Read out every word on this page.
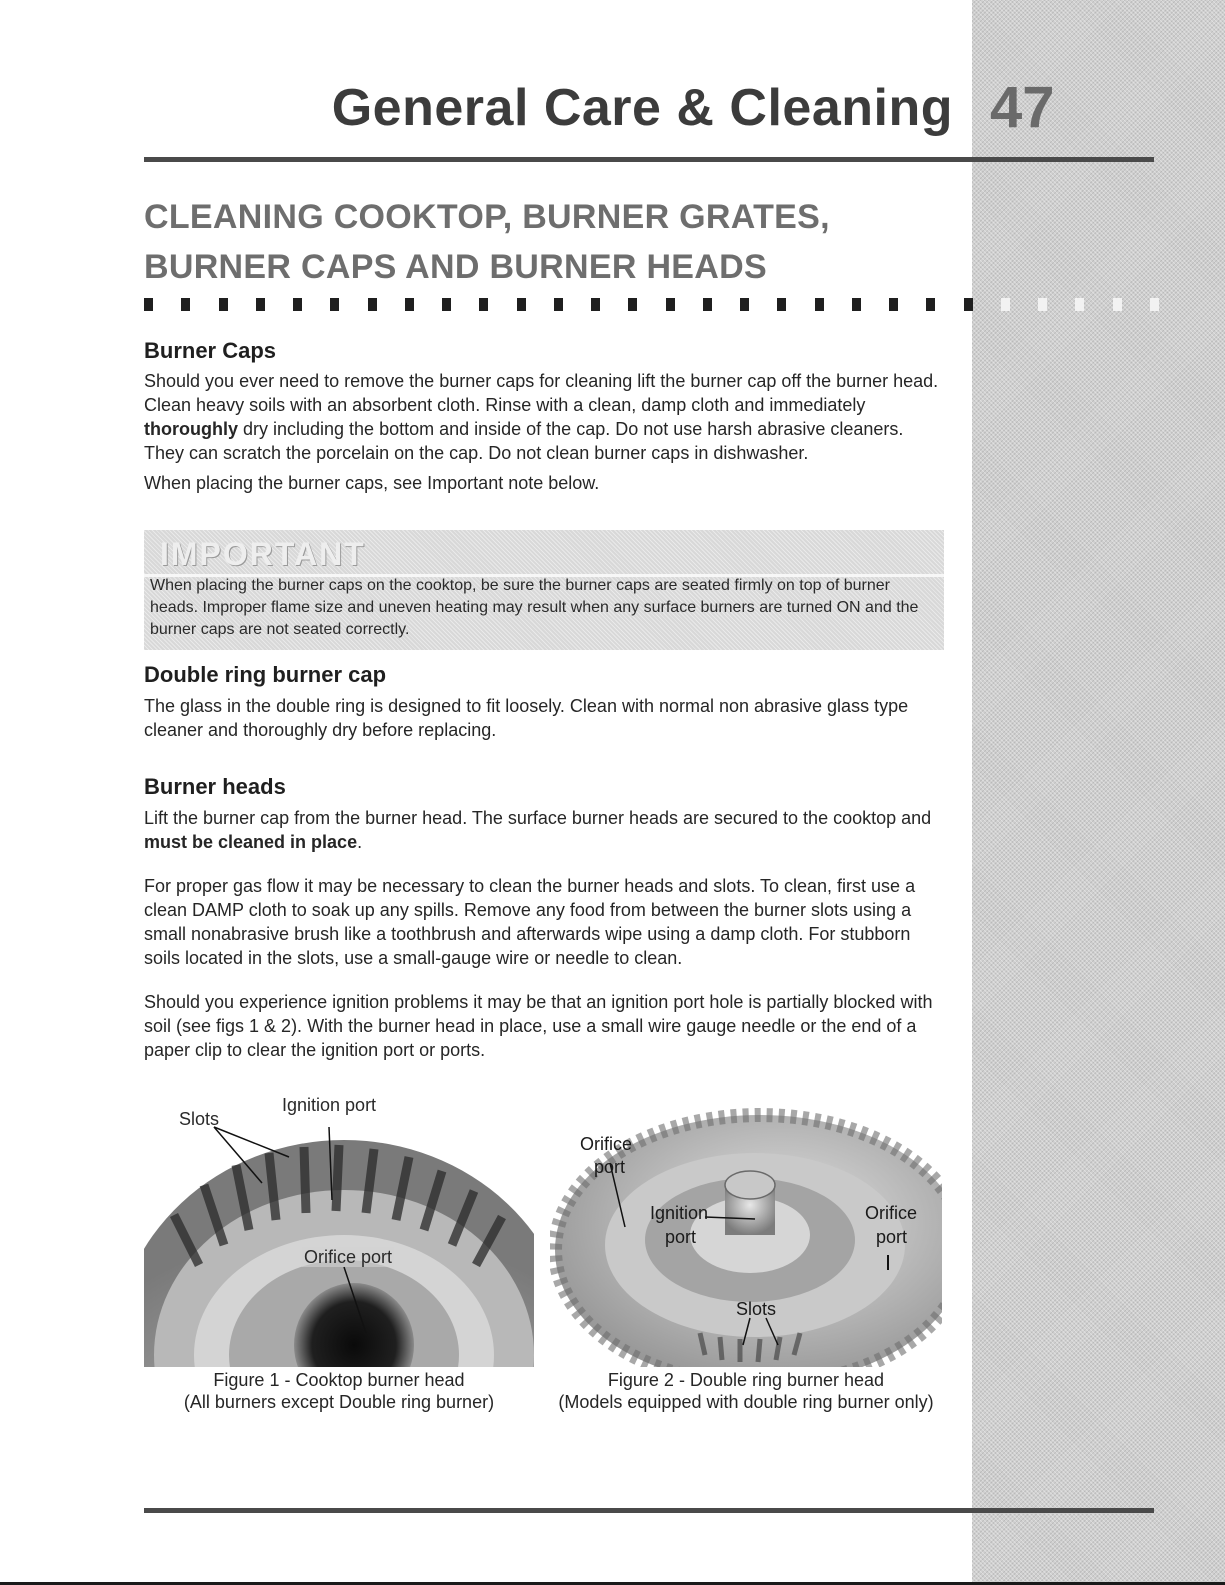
General Care & Cleaning 47
CLEANING COOKTOP, BURNER GRATES, BURNER CAPS AND BURNER HEADS
Burner Caps

Should you ever need to remove the burner caps for cleaning lift the burner cap off the burner head. Clean heavy soils with an absorbent cloth. Rinse with a clean, damp cloth and immediately thoroughly dry including the bottom and inside of the cap. Do not use harsh abrasive cleaners. They can scratch the porcelain on the cap. Do not clean burner caps in dishwasher.

When placing the burner caps, see Important note below.

IMPORTANT

When placing the burner caps on the cooktop, be sure the burner caps are seated firmly on top of burner heads. Improper flame size and uneven heating may result when any surface burners are turned ON and the burner caps are not seated correctly.

Double ring burner cap

The glass in the double ring is designed to fit loosely. Clean with normal non abrasive glass type cleaner and thoroughly dry before replacing.

Burner heads

Lift the burner cap from the burner head. The surface burner heads are secured to the cooktop and must be cleaned in place.

For proper gas flow it may be necessary to clean the burner heads and slots. To clean, first use a clean DAMP cloth to soak up any spills. Remove any food from between the burner slots using a small nonabrasive brush like a toothbrush and afterwards wipe using a damp cloth. For stubborn soils located in the slots, use a small-gauge wire or needle to clean.

Should you experience ignition problems it may be that an ignition port hole is partially blocked with soil (see figs 1 & 2). With the burner head in place, use a small wire gauge needle or the end of a paper clip to clear the ignition port or ports.

Slots
Ignition port
Orifice port
Orifice
port
Ignition
port
Orifice
port
Slots
Figure 1 - Cooktop burner head
(All burners except Double ring burner)
Figure 2 - Double ring burner head
(Models equipped with double ring burner only)
